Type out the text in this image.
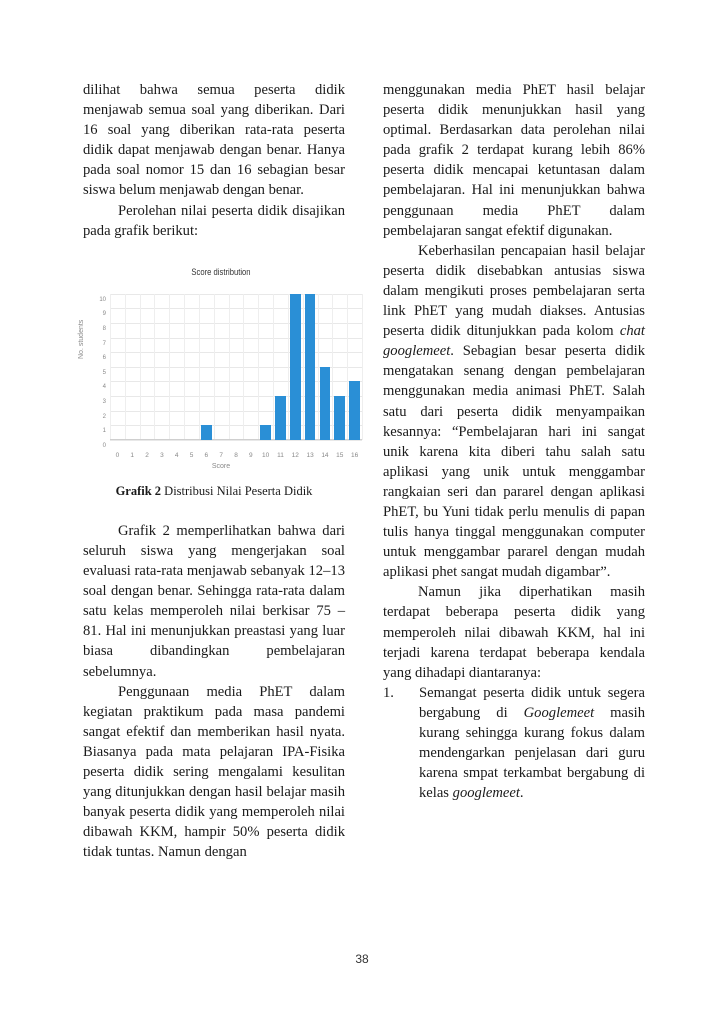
dilihat bahwa semua peserta didik menjawab semua soal yang diberikan. Dari 16 soal yang diberikan rata-rata peserta didik dapat menjawab dengan benar. Hanya pada soal nomor 15 dan 16 sebagian besar siswa belum menjawab dengan benar.

Perolehan nilai peserta didik disajikan pada grafik berikut:

Score distribution
No. students
0
1
2
3
4
5
6
7
8
9
10
0	1	2	3	4	5	6	7	8	9	10	11	12	13	14	15	16
Score
Grafik 2 Distribusi Nilai Peserta Didik

Grafik 2 memperlihatkan bahwa dari seluruh siswa yang mengerjakan soal evaluasi rata-rata menjawab sebanyak 12–13 soal dengan benar. Sehingga rata-rata dalam satu kelas memperoleh nilai berkisar 75 – 81. Hal ini menunjukkan preastasi yang luar biasa dibandingkan pembelajaran sebelumnya.

Penggunaan media PhET dalam kegiatan praktikum pada masa pandemi sangat efektif dan memberikan hasil nyata. Biasanya pada mata pelajaran IPA-Fisika peserta didik sering mengalami kesulitan yang ditunjukkan dengan hasil belajar masih banyak peserta didik yang memperoleh nilai dibawah KKM, hampir 50% peserta didik tidak tuntas. Namun dengan

menggunakan media PhET hasil belajar peserta didik menunjukkan hasil yang optimal. Berdasarkan data perolehan nilai pada grafik 2 terdapat kurang lebih 86% peserta didik mencapai ketuntasan dalam pembelajaran. Hal ini menunjukkan bahwa penggunaan media PhET dalam pembelajaran sangat efektif digunakan.

Keberhasilan pencapaian hasil belajar peserta didik disebabkan antusias siswa dalam mengikuti proses pembelajaran serta link PhET yang mudah diakses. Antusias peserta didik ditunjukkan pada kolom chat googlemeet. Sebagian besar peserta didik mengatakan senang dengan pembelajaran menggunakan media animasi PhET. Salah satu dari peserta didik menyampaikan kesannya: “Pembelajaran hari ini sangat unik karena kita diberi tahu salah satu aplikasi yang unik untuk menggambar rangkaian seri dan pararel dengan aplikasi PhET, bu Yuni tidak perlu menulis di papan tulis hanya tinggal menggunakan computer untuk menggambar pararel dengan mudah aplikasi phet sangat mudah digambar”.

Namun jika diperhatikan masih terdapat beberapa peserta didik yang memperoleh nilai dibawah KKM, hal ini terjadi karena terdapat beberapa kendala yang dihadapi diantaranya:

1.	Semangat peserta didik untuk segera bergabung di Googlemeet masih kurang sehingga kurang fokus dalam mendengarkan penjelasan dari guru karena smpat terkambat bergabung di kelas googlemeet.
38
